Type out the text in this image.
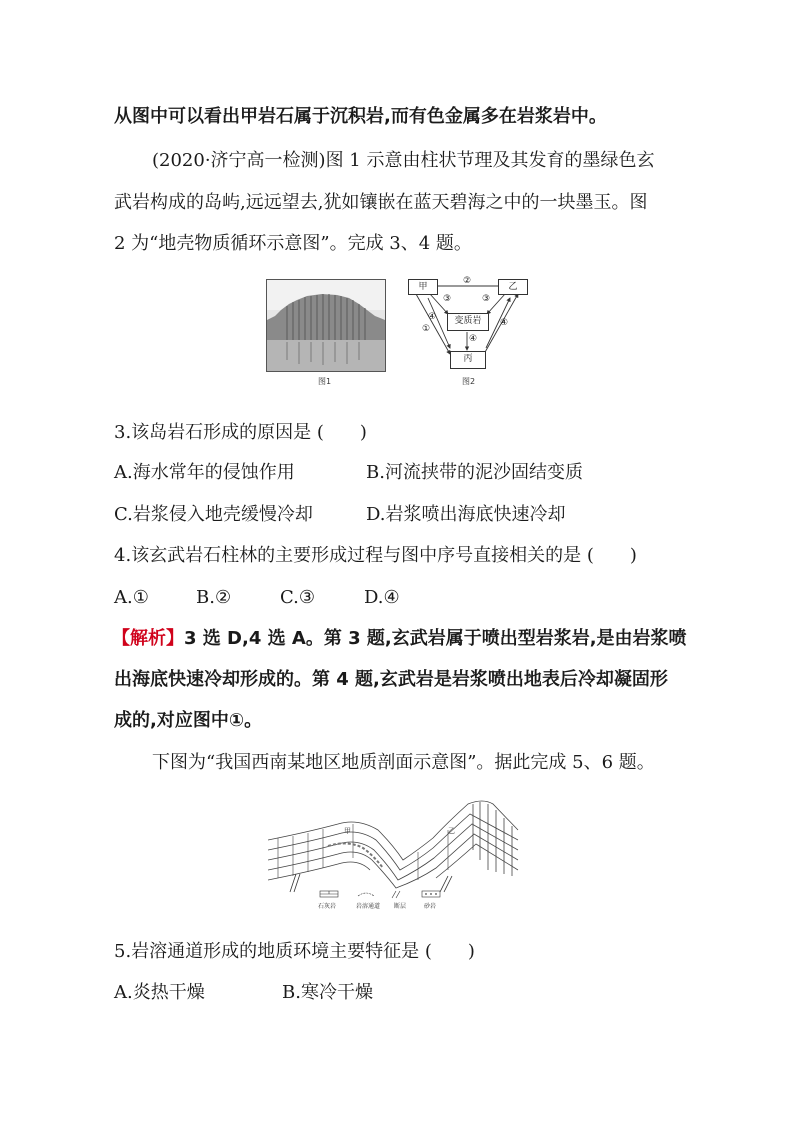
从图中可以看出甲岩石属于沉积岩,而有色金属多在岩浆岩中。
(2020·济宁高一检测)图 1 示意由柱状节理及其发育的墨绿色玄
武岩构成的岛屿,远远望去,犹如镶嵌在蓝天碧海之中的一块墨玉。图
2 为“地壳物质循环示意图”。完成 3、4 题。
图1
甲	乙
变质岩
丙
②
③	③
④
④
④
①
图2
3.该岛岩石形成的原因是 (　　)
A.海水常年的侵蚀作用	B.河流挟带的泥沙固结变质
C.岩浆侵入地壳缓慢冷却	D.岩浆喷出海底快速冷却
4.该玄武岩石柱林的主要形成过程与图中序号直接相关的是 (　　)
A.①	B.②	C.③	D.④
【解析】3 选 D,4 选 A。第 3 题,玄武岩属于喷出型岩浆岩,是由岩浆喷
出海底快速冷却形成的。第 4 题,玄武岩是岩浆喷出地表后冷却凝固形
成的,对应图中①。
下图为“我国西南某地区地质剖面示意图”。据此完成 5、6 题。
甲	乙
石灰岩	岩溶通道 断层	砂岩
5.岩溶通道形成的地质环境主要特征是 (　　)
A.炎热干燥	B.寒冷干燥
